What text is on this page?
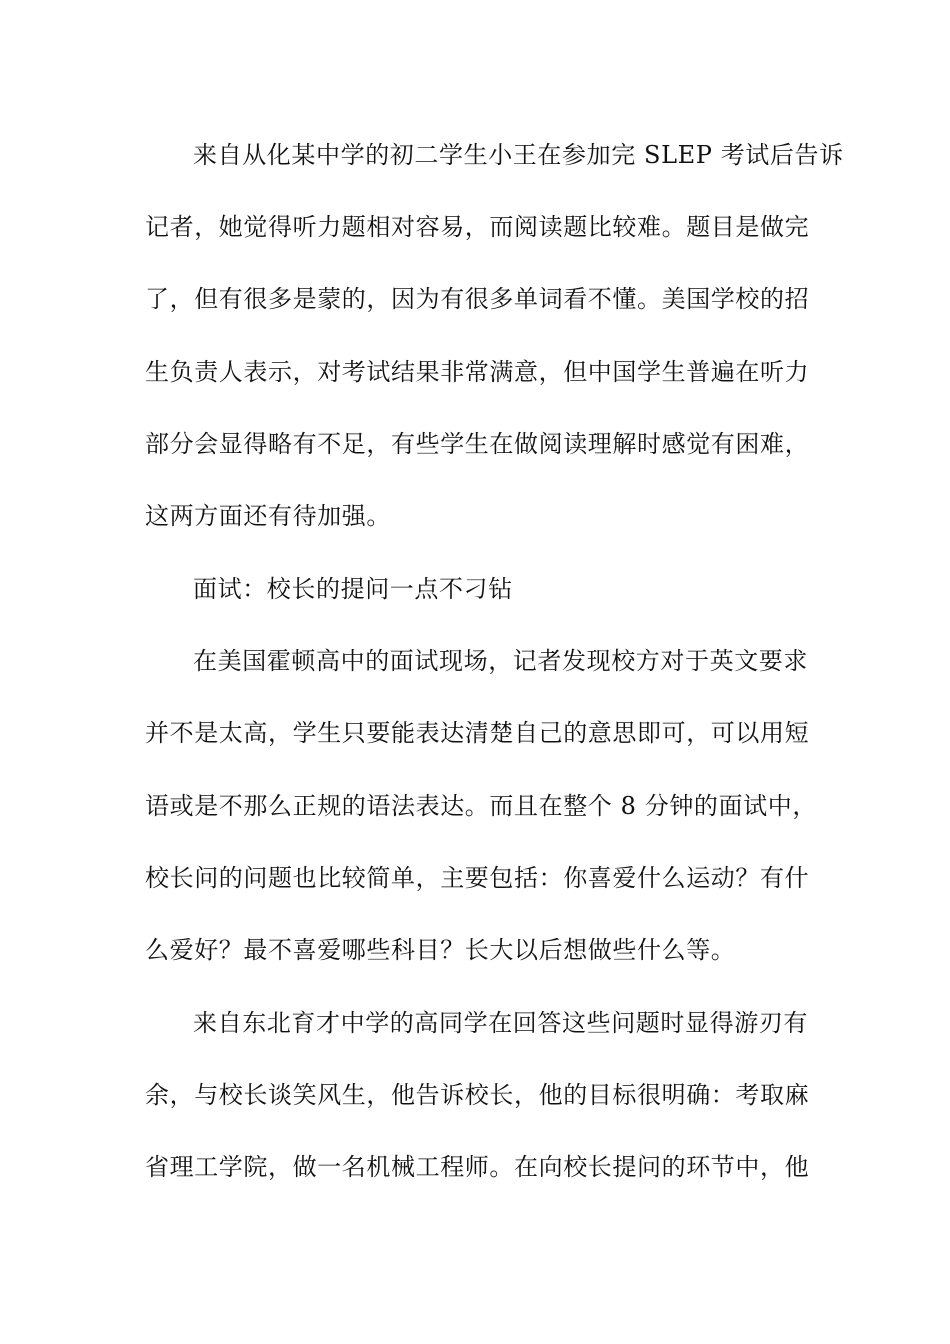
来自从化某中学的初二学生小王在参加完 SLEP 考试后告诉
记者，她觉得听力题相对容易，而阅读题比较难。题目是做完
了，但有很多是蒙的，因为有很多单词看不懂。美国学校的招
生负责人表示，对考试结果非常满意，但中国学生普遍在听力
部分会显得略有不足，有些学生在做阅读理解时感觉有困难，
这两方面还有待加强。
面试：校长的提问一点不刁钻
在美国霍顿高中的面试现场，记者发现校方对于英文要求
并不是太高，学生只要能表达清楚自己的意思即可，可以用短
语或是不那么正规的语法表达。而且在整个 8 分钟的面试中，
校长问的问题也比较简单，主要包括：你喜爱什么运动？有什
么爱好？最不喜爱哪些科目？长大以后想做些什么等。
来自东北育才中学的高同学在回答这些问题时显得游刃有
余，与校长谈笑风生，他告诉校长，他的目标很明确：考取麻
省理工学院，做一名机械工程师。在向校长提问的环节中，他
